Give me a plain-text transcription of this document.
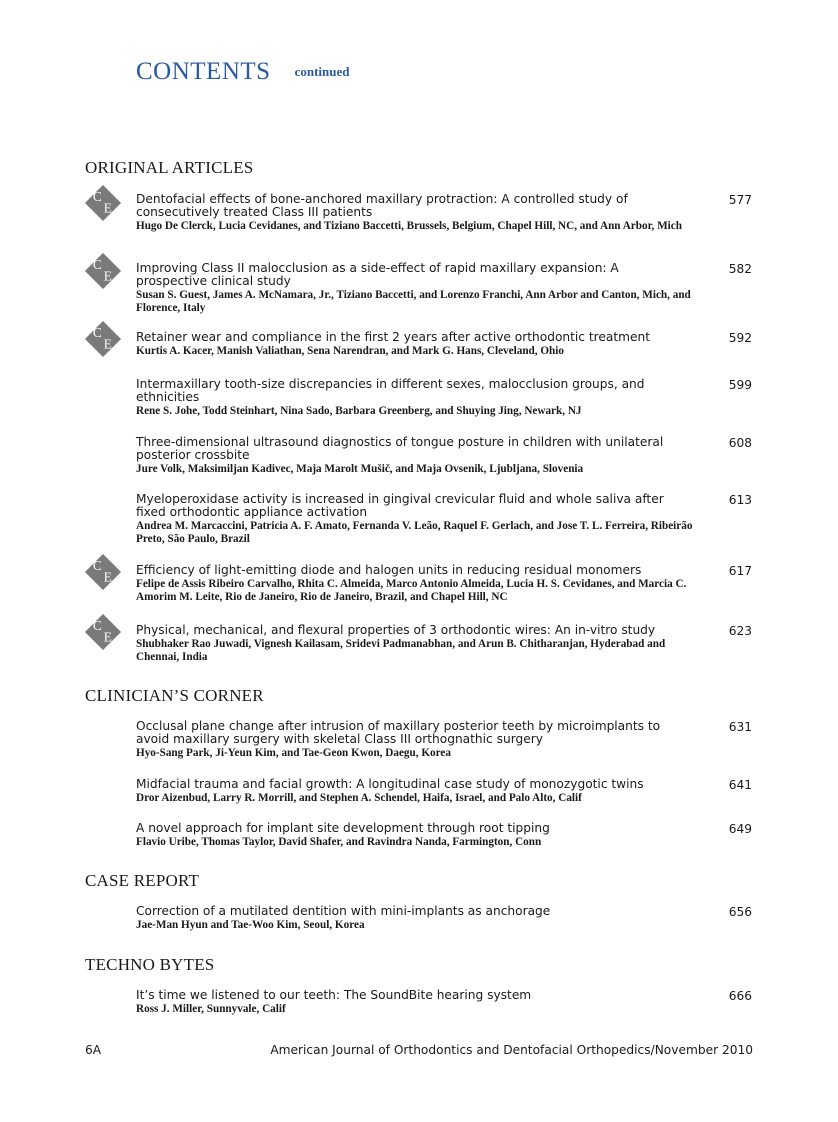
CONTENTS continued
ORIGINAL ARTICLES
C
E
Dentofacial effects of bone-anchored maxillary protraction: A controlled study of consecutively treated Class III patients
Hugo De Clerck, Lucia Cevidanes, and Tiziano Baccetti, Brussels, Belgium, Chapel Hill, NC, and Ann Arbor, Mich
577
C
E
Improving Class II malocclusion as a side-effect of rapid maxillary expansion: A prospective clinical study
Susan S. Guest, James A. McNamara, Jr., Tiziano Baccetti, and Lorenzo Franchi, Ann Arbor and Canton, Mich, and Florence, Italy
582
C
E Retainer wear and compliance in the first 2 years after active orthodontic treatment
Kurtis A. Kacer, Manish Valiathan, Sena Narendran, and Mark G. Hans, Cleveland, Ohio
592
Intermaxillary tooth-size discrepancies in different sexes, malocclusion groups, and ethnicities
Rene S. Johe, Todd Steinhart, Nina Sado, Barbara Greenberg, and Shuying Jing, Newark, NJ
599
Three-dimensional ultrasound diagnostics of tongue posture in children with unilateral posterior crossbite
Jure Volk, Maksimiljan Kadivec, Maja Marolt Mušič, and Maja Ovsenik, Ljubljana, Slovenia
608
Myeloperoxidase activity is increased in gingival crevicular fluid and whole saliva after fixed orthodontic appliance activation
Andrea M. Marcaccini, Patricia A. F. Amato, Fernanda V. Leão, Raquel F. Gerlach, and Jose T. L. Ferreira, Ribeirão Preto, São Paulo, Brazil
613
C
E Efficiency of light-emitting diode and halogen units in reducing residual monomers
Felipe de Assis Ribeiro Carvalho, Rhita C. Almeida, Marco Antonio Almeida, Lucia H. S. Cevidanes, and Marcia C. Amorim M. Leite, Rio de Janeiro, Rio de Janeiro, Brazil, and Chapel Hill, NC
617
C
E Physical, mechanical, and flexural properties of 3 orthodontic wires: An in-vitro study
Shubhaker Rao Juwadi, Vignesh Kailasam, Sridevi Padmanabhan, and Arun B. Chitharanjan, Hyderabad and Chennai, India
623
CLINICIAN’S CORNER
Occlusal plane change after intrusion of maxillary posterior teeth by microimplants to avoid maxillary surgery with skeletal Class III orthognathic surgery
Hyo-Sang Park, Ji-Yeun Kim, and Tae-Geon Kwon, Daegu, Korea
631
Midfacial trauma and facial growth: A longitudinal case study of monozygotic twins
Dror Aizenbud, Larry R. Morrill, and Stephen A. Schendel, Haifa, Israel, and Palo Alto, Calif
641
A novel approach for implant site development through root tipping
Flavio Uribe, Thomas Taylor, David Shafer, and Ravindra Nanda, Farmington, Conn
649
CASE REPORT
Correction of a mutilated dentition with mini-implants as anchorage
Jae-Man Hyun and Tae-Woo Kim, Seoul, Korea
656
TECHNO BYTES
It’s time we listened to our teeth: The SoundBite hearing system
Ross J. Miller, Sunnyvale, Calif
666
6A	American Journal of Orthodontics and Dentofacial Orthopedics/November 2010
